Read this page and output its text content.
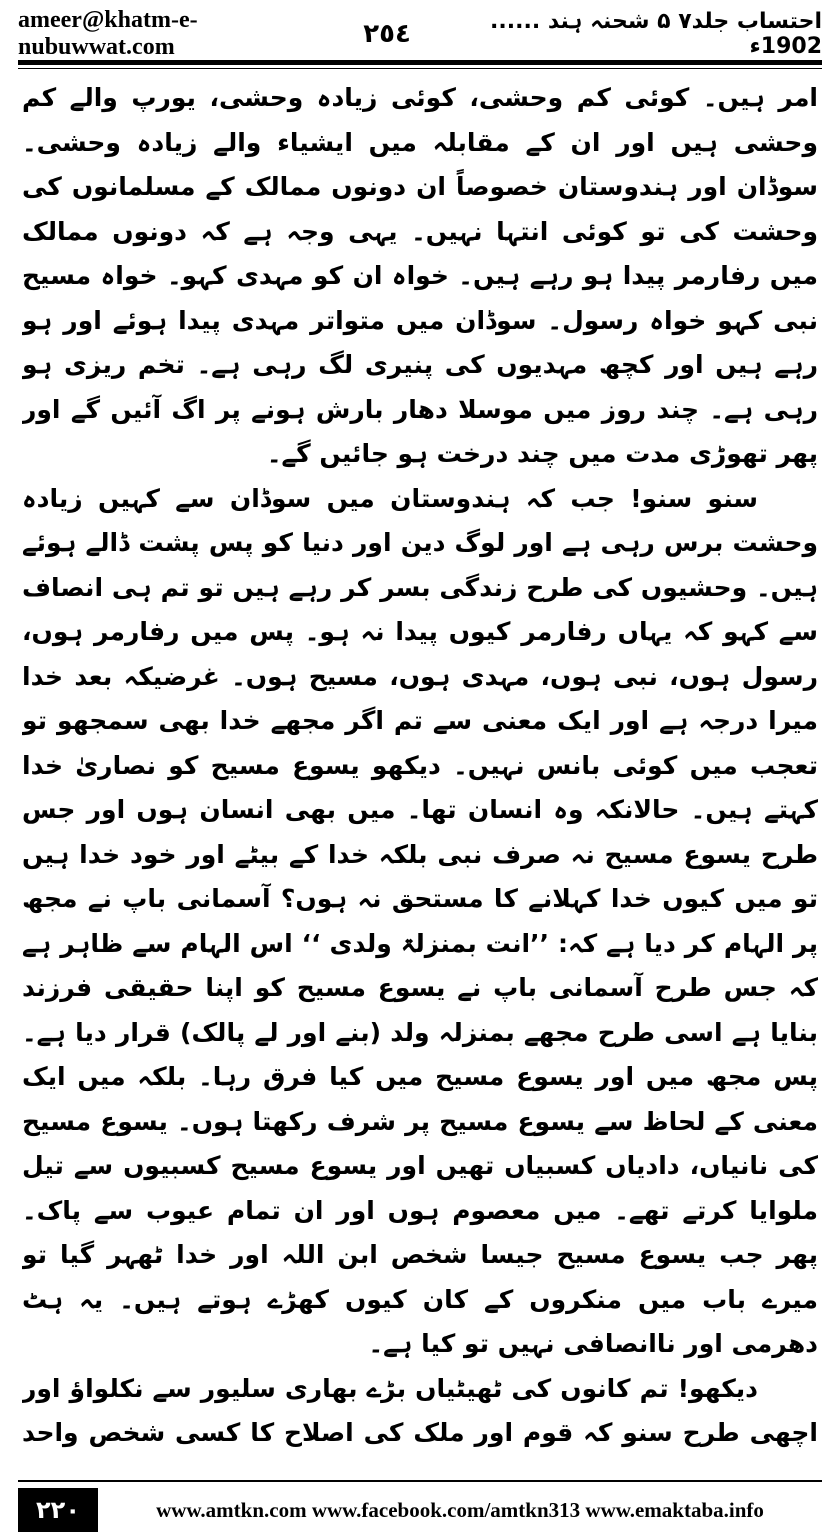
ameer@khatm-e-nubuwwat.com	٢٥٤	احتساب جلد۷ ۵ شحنہ ہند ...... 1902ء

امر ہیں۔ کوئی کم وحشی، کوئی زیادہ وحشی، یورپ والے کم وحشی ہیں اور ان کے مقابلہ میں ایشیاء والے زیادہ وحشی۔ سوڈان اور ہندوستان خصوصاً ان دونوں ممالک کے مسلمانوں کی وحشت کی تو کوئی انتہا نہیں۔ یہی وجہ ہے کہ دونوں ممالک میں رفارمر پیدا ہو رہے ہیں۔ خواہ ان کو مہدی کہو۔ خواہ مسیح نبی کہو خواہ رسول۔ سوڈان میں متواتر مہدی پیدا ہوئے اور ہو رہے ہیں اور کچھ مہدیوں کی پنیری لگ رہی ہے۔ تخم ریزی ہو رہی ہے۔ چند روز میں موسلا دھار بارش ہونے پر اگ آئیں گے اور پھر تھوڑی مدت میں چند درخت ہو جائیں گے۔

سنو سنو! جب کہ ہندوستان میں سوڈان سے کہیں زیادہ وحشت برس رہی ہے اور لوگ دین اور دنیا کو پس پشت ڈالے ہوئے ہیں۔ وحشیوں کی طرح زندگی بسر کر رہے ہیں تو تم ہی انصاف سے کہو کہ یہاں رفارمر کیوں پیدا نہ ہو۔ پس میں رفارمر ہوں، رسول ہوں، نبی ہوں، مہدی ہوں، مسیح ہوں۔ غرضیکہ بعد خدا میرا درجہ ہے اور ایک معنی سے تم اگر مجھے خدا بھی سمجھو تو تعجب میں کوئی بانس نہیں۔ دیکھو یسوع مسیح کو نصاریٰ خدا کہتے ہیں۔ حالانکہ وہ انسان تھا۔ میں بھی انسان ہوں اور جس طرح یسوع مسیح نہ صرف نبی بلکہ خدا کے بیٹے اور خود خدا ہیں تو میں کیوں خدا کہلانے کا مستحق نہ ہوں؟ آسمانی باپ نے مجھ پر الہام کر دیا ہے کہ: ’’انت بمنزلۃ ولدی ‘‘ اس الہام سے ظاہر ہے کہ جس طرح آسمانی باپ نے یسوع مسیح کو اپنا حقیقی فرزند بنایا ہے اسی طرح مجھے بمنزلہ ولد (بنے اور لے پالک) قرار دیا ہے۔ پس مجھ میں اور یسوع مسیح میں کیا فرق رہا۔ بلکہ میں ایک معنی کے لحاظ سے یسوع مسیح پر شرف رکھتا ہوں۔ یسوع مسیح کی نانیاں، دادیاں کسبیاں تھیں اور یسوع مسیح کسبیوں سے تیل ملوایا کرتے تھے۔ میں معصوم ہوں اور ان تمام عیوب سے پاک۔ پھر جب یسوع مسیح جیسا شخص ابن اللہ اور خدا ٹھہر گیا تو میرے باب میں منکروں کے کان کیوں کھڑے ہوتے ہیں۔ یہ ہٹ دھرمی اور ناانصافی نہیں تو کیا ہے۔

دیکھو! تم کانوں کی ٹھیٹیاں بڑے بھاری سلیور سے نکلواؤ اور اچھی طرح سنو کہ قوم اور ملک کی اصلاح کا کسی شخص واحد

٢٢٠	www.amtkn.com www.facebook.com/amtkn313 www.emaktaba.info
